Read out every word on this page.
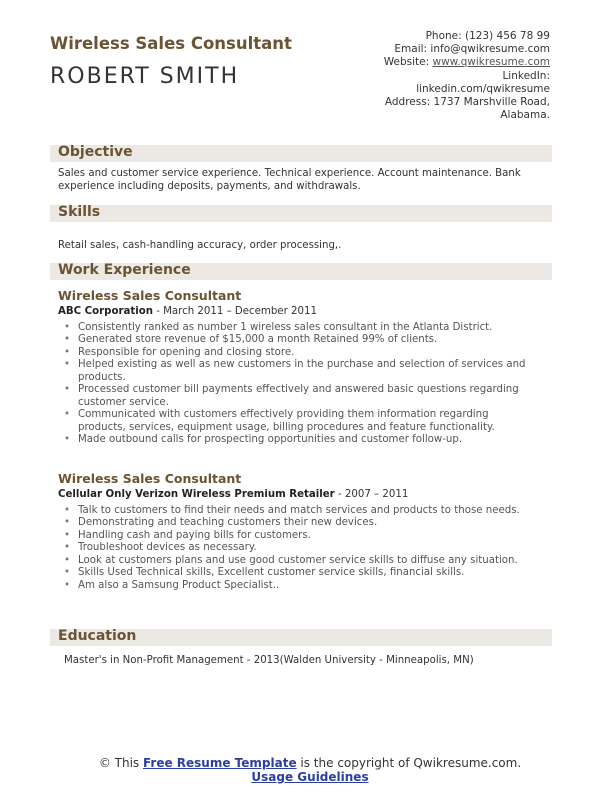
Wireless Sales Consultant
ROBERT SMITH
Phone: (123) 456 78 99
Email: info@qwikresume.com
Website: www.qwikresume.com
LinkedIn:
linkedin.com/qwikresume
Address: 1737 Marshville Road,
Alabama.
Objective
Sales and customer service experience. Technical experience. Account maintenance. Bank experience including deposits, payments, and withdrawals.
Skills
Retail sales, cash-handling accuracy, order processing,.
Work Experience
Wireless Sales Consultant
ABC Corporation - March 2011 – December 2011
• Consistently ranked as number 1 wireless sales consultant in the Atlanta District.
• Generated store revenue of $15,000 a month Retained 99% of clients.
• Responsible for opening and closing store.
• Helped existing as well as new customers in the purchase and selection of services and products.
• Processed customer bill payments effectively and answered basic questions regarding customer service.
• Communicated with customers effectively providing them information regarding products, services, equipment usage, billing procedures and feature functionality.
• Made outbound calls for prospecting opportunities and customer follow-up.
Wireless Sales Consultant
Cellular Only Verizon Wireless Premium Retailer - 2007 – 2011
• Talk to customers to find their needs and match services and products to those needs.
• Demonstrating and teaching customers their new devices.
• Handling cash and paying bills for customers.
• Troubleshoot devices as necessary.
• Look at customers plans and use good customer service skills to diffuse any situation.
• Skills Used Technical skills, Excellent customer service skills, financial skills.
• Am also a Samsung Product Specialist..
Education
Master's in Non-Profit Management - 2013(Walden University - Minneapolis, MN)
© This Free Resume Template is the copyright of Qwikresume.com. Usage Guidelines
